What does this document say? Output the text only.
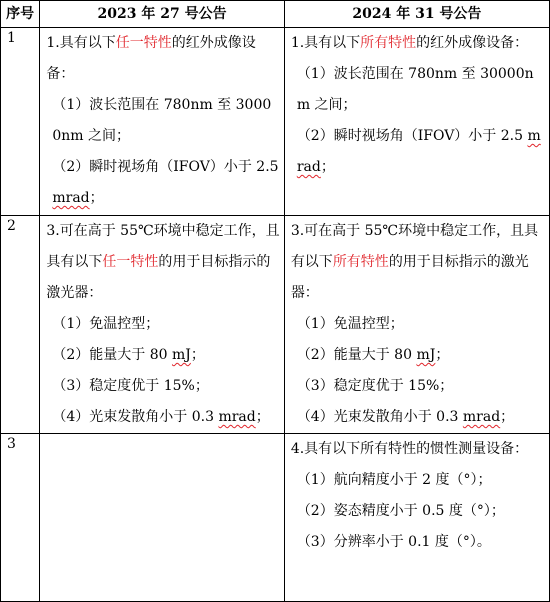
序号	2023 年 27 号公告	2024 年 31 号公告
1	1.具有以下任一特性的红外成像设备：
（1）波长范围在 780nm 至 30000nm 之间；
（2）瞬时视场角（IFOV）小于 2.5 mrad；	1.具有以下所有特性的红外成像设备：
（1）波长范围在 780nm 至 30000nm 之间；
（2）瞬时视场角（IFOV）小于 2.5 mrad；

2	3.可在高于 55℃环境中稳定工作，且具有以下任一特性的用于目标指示的激光器：
（1）免温控型；
（2）能量大于 80 mJ；
（3）稳定度优于 15%；
（4）光束发散角小于 0.3 mrad；	3.可在高于 55℃环境中稳定工作，且具有以下所有特性的用于目标指示的激光器：
（1）免温控型；
（2）能量大于 80 mJ；
（3）稳定度优于 15%；
（4）光束发散角小于 0.3 mrad；

3		4.具有以下所有特性的惯性测量设备：
（1）航向精度小于 2 度（°）；
（2）姿态精度小于 0.5 度（°）；
（3）分辨率小于 0.1 度（°）。
